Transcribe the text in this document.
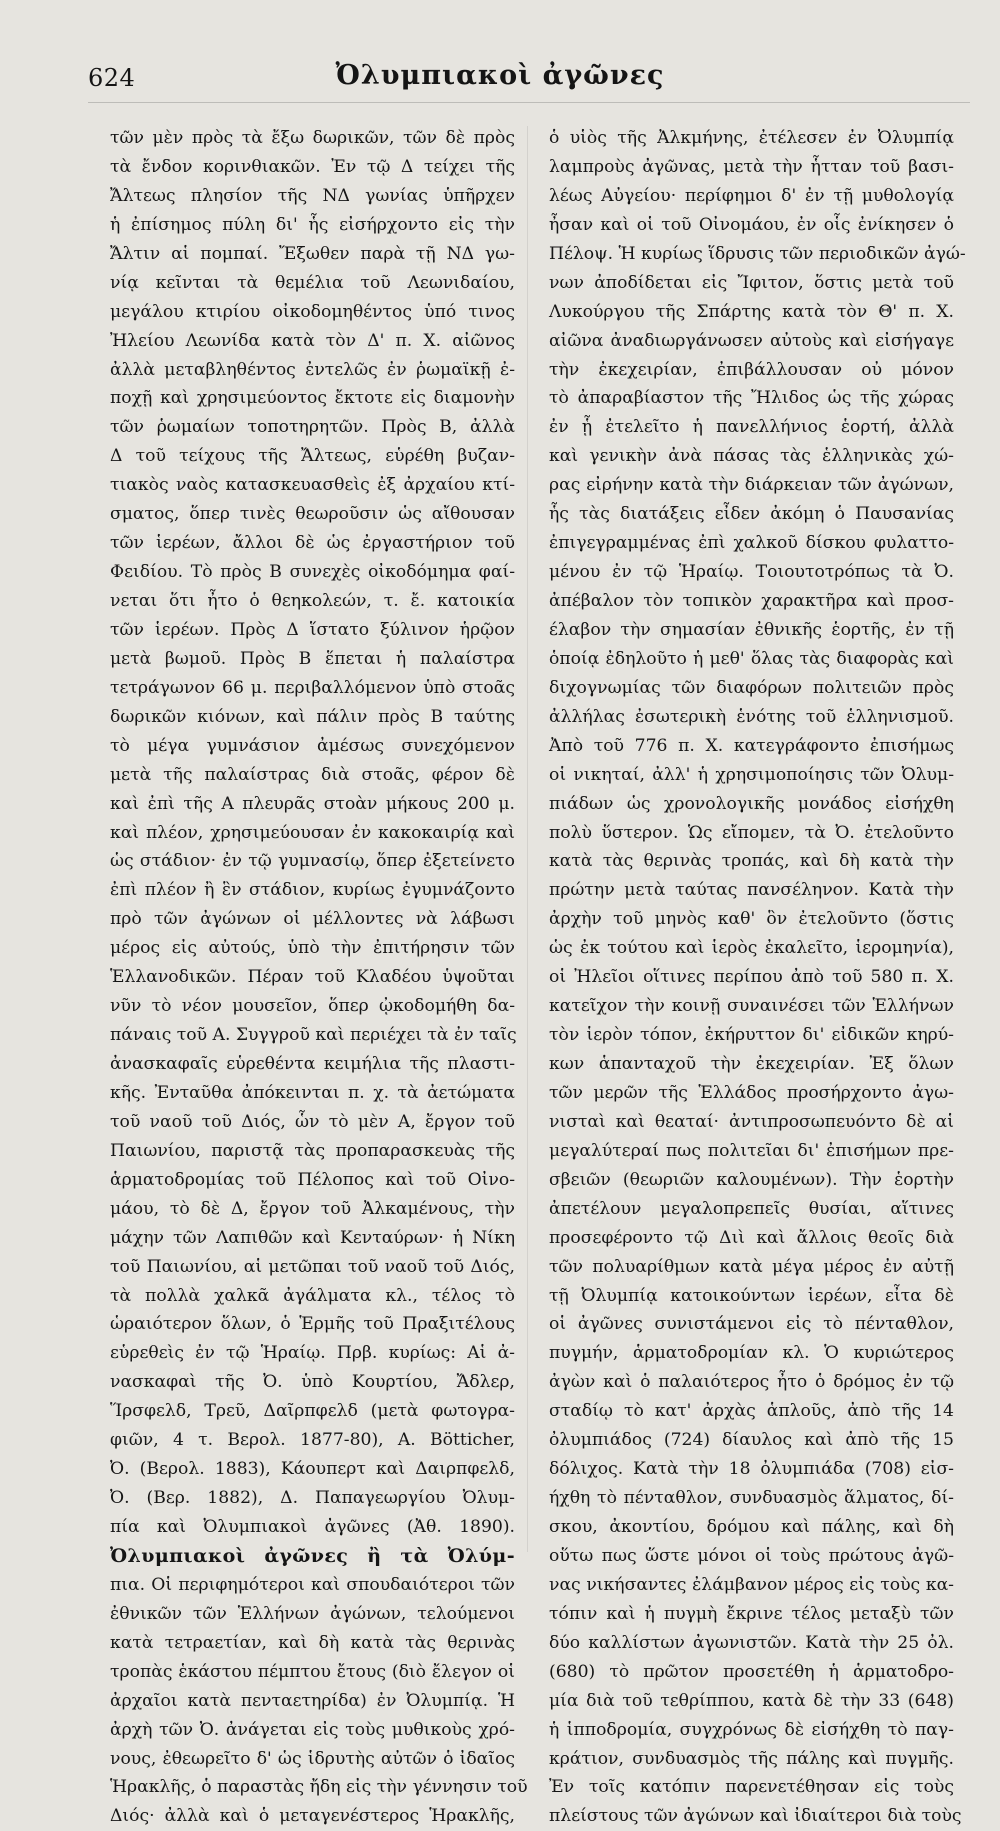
624	Ὀλυμπιακοὶ ἀγῶνες
τῶν μὲν πρὸς τὰ ἔξω δωρικῶν, τῶν δὲ πρὸς
τὰ ἔνδον κορινθιακῶν. Ἐν τῷ Δ τείχει τῆς
Ἄλτεως πλησίον τῆς ΝΔ γωνίας ὑπῆρχεν
ἡ ἐπίσημος πύλη δι' ἧς εἰσήρχοντο εἰς τὴν
Ἄλτιν αἱ πομπαί. Ἔξωθεν παρὰ τῇ ΝΔ γω-
νίᾳ κεῖνται τὰ θεμέλια τοῦ Λεωνιδαίου,
μεγάλου κτιρίου οἰκοδομηθέντος ὑπό τινος
Ἠλείου Λεωνίδα κατὰ τὸν Δ' π. Χ. αἰῶνος
ἀλλὰ μεταβληθέντος ἐντελῶς ἐν ῥωμαϊκῇ ἐ-
ποχῇ καὶ χρησιμεύοντος ἔκτοτε εἰς διαμονὴν
τῶν ῥωμαίων τοποτηρητῶν. Πρὸς Β, ἀλλὰ
Δ τοῦ τείχους τῆς Ἄλτεως, εὑρέθη βυζαν-
τιακὸς ναὸς κατασκευασθεὶς ἐξ ἀρχαίου κτί-
σματος, ὅπερ τινὲς θεωροῦσιν ὡς αἴθουσαν
τῶν ἱερέων, ἄλλοι δὲ ὡς ἐργαστήριον τοῦ
Φειδίου. Τὸ πρὸς Β συνεχὲς οἰκοδόμημα φαί-
νεται ὅτι ἦτο ὁ θεηκολεών, τ. ἔ. κατοικία
τῶν ἱερέων. Πρὸς Δ ἵστατο ξύλινον ἡρῷον
μετὰ βωμοῦ. Πρὸς Β ἕπεται ἡ παλαίστρα
τετράγωνον 66 μ. περιβαλλόμενον ὑπὸ στοᾶς
δωρικῶν κιόνων, καὶ πάλιν πρὸς Β ταύτης
τὸ μέγα γυμνάσιον ἀμέσως συνεχόμενον
μετὰ τῆς παλαίστρας διὰ στοᾶς, φέρον δὲ
καὶ ἐπὶ τῆς Α πλευρᾶς στοὰν μήκους 200 μ.
καὶ πλέον, χρησιμεύουσαν ἐν κακοκαιρίᾳ καὶ
ὡς στάδιον· ἐν τῷ γυμνασίῳ, ὅπερ ἐξετείνετο
ἐπὶ πλέον ἢ ἓν στάδιον, κυρίως ἐγυμνάζοντο
πρὸ τῶν ἀγώνων οἱ μέλλοντες νὰ λάβωσι
μέρος εἰς αὐτούς, ὑπὸ τὴν ἐπιτήρησιν τῶν
Ἑλλανοδικῶν. Πέραν τοῦ Κλαδέου ὑψοῦται
νῦν τὸ νέον μουσεῖον, ὅπερ ᾠκοδομήθη δα-
πάναις τοῦ Α. Συγγροῦ καὶ περιέχει τὰ ἐν ταῖς
ἀνασκαφαῖς εὑρεθέντα κειμήλια τῆς πλαστι-
κῆς. Ἐνταῦθα ἀπόκεινται π. χ. τὰ ἀετώματα
τοῦ ναοῦ τοῦ Διός, ὧν τὸ μὲν Α, ἔργον τοῦ
Παιωνίου, παριστᾷ τὰς προπαρασκευὰς τῆς
ἁρματοδρομίας τοῦ Πέλοπος καὶ τοῦ Οἰνο-
μάου, τὸ δὲ Δ, ἔργον τοῦ Ἀλκαμένους, τὴν
μάχην τῶν Λαπιθῶν καὶ Κενταύρων· ἡ Νίκη
τοῦ Παιωνίου, αἱ μετῶπαι τοῦ ναοῦ τοῦ Διός,
τὰ πολλὰ χαλκᾶ ἀγάλματα κλ., τέλος τὸ
ὡραιότερον ὅλων, ὁ Ἑρμῆς τοῦ Πραξιτέλους
εὑρεθεὶς ἐν τῷ Ἡραίῳ. Πρβ. κυρίως: Αἱ ἀ-
νασκαφαὶ τῆς Ὀ. ὑπὸ Κουρτίου, Ἄδλερ,
Ἵρσφελδ, Τρεῦ, Δαῖρπφελδ (μετὰ φωτογρα-
φιῶν, 4 τ. Βερολ. 1877-80), A. Bötticher,
Ὀ. (Βερολ. 1883), Κάουπερτ καὶ Δαιρπφελδ,
Ὀ. (Βερ. 1882), Δ. Παπαγεωργίου Ὀλυμ-
πία καὶ Ὀλυμπιακοὶ ἀγῶνες (Ἀθ. 1890).
Ὀλυμπιακοὶ ἀγῶνες ἢ τὰ Ὀλύμ-
πια. Οἱ περιφημότεροι καὶ σπουδαιότεροι τῶν
ἐθνικῶν τῶν Ἑλλήνων ἀγώνων, τελούμενοι
κατὰ τετραετίαν, καὶ δὴ κατὰ τὰς θερινὰς
τροπὰς ἑκάστου πέμπτου ἔτους (διὸ ἔλεγον οἱ
ἀρχαῖοι κατὰ πενταετηρίδα) ἐν Ὀλυμπίᾳ. Ἡ
ἀρχὴ τῶν Ὀ. ἀνάγεται εἰς τοὺς μυθικοὺς χρό-
νους, ἐθεωρεῖτο δ' ὡς ἱδρυτὴς αὐτῶν ὁ ἰδαῖος
Ἡρακλῆς, ὁ παραστὰς ἤδη εἰς τὴν γέννησιν τοῦ
Διός· ἀλλὰ καὶ ὁ μεταγενέστερος Ἡρακλῆς,
ὁ υἱὸς τῆς Ἀλκμήνης, ἐτέλεσεν ἐν Ὀλυμπίᾳ
λαμπροὺς ἀγῶνας, μετὰ τὴν ἧτταν τοῦ βασι-
λέως Αὐγείου· περίφημοι δ' ἐν τῇ μυθολογίᾳ
ἦσαν καὶ οἱ τοῦ Οἰνομάου, ἐν οἷς ἐνίκησεν ὁ
Πέλοψ. Ἡ κυρίως ἵδρυσις τῶν περιοδικῶν ἀγώ-
νων ἀποδίδεται εἰς Ἴφιτον, ὅστις μετὰ τοῦ
Λυκούργου τῆς Σπάρτης κατὰ τὸν Θ' π. Χ.
αἰῶνα ἀναδιωργάνωσεν αὐτοὺς καὶ εἰσήγαγε
τὴν ἐκεχειρίαν, ἐπιβάλλουσαν οὐ μόνον
τὸ ἀπαραβίαστον τῆς Ἤλιδος ὡς τῆς χώρας
ἐν ᾗ ἐτελεῖτο ἡ πανελλήνιος ἑορτή, ἀλλὰ
καὶ γενικὴν ἀνὰ πάσας τὰς ἑλληνικὰς χώ-
ρας εἰρήνην κατὰ τὴν διάρκειαν τῶν ἀγώνων,
ἧς τὰς διατάξεις εἶδεν ἀκόμη ὁ Παυσανίας
ἐπιγεγραμμένας ἐπὶ χαλκοῦ δίσκου φυλαττο-
μένου ἐν τῷ Ἡραίῳ. Τοιουτοτρόπως τὰ Ὀ.
ἀπέβαλον τὸν τοπικὸν χαρακτῆρα καὶ προσ-
έλαβον τὴν σημασίαν ἐθνικῆς ἑορτῆς, ἐν τῇ
ὁποίᾳ ἐδηλοῦτο ἡ μεθ' ὅλας τὰς διαφορὰς καὶ
διχογνωμίας τῶν διαφόρων πολιτειῶν πρὸς
ἀλλήλας ἐσωτερικὴ ἑνότης τοῦ ἑλληνισμοῦ.
Ἀπὸ τοῦ 776 π. Χ. κατεγράφοντο ἐπισήμως
οἱ νικηταί, ἀλλ' ἡ χρησιμοποίησις τῶν Ὀλυμ-
πιάδων ὡς χρονολογικῆς μονάδος εἰσήχθη
πολὺ ὕστερον. Ὡς εἴπομεν, τὰ Ὀ. ἐτελοῦντο
κατὰ τὰς θερινὰς τροπάς, καὶ δὴ κατὰ τὴν
πρώτην μετὰ ταύτας πανσέληνον. Κατὰ τὴν
ἀρχὴν τοῦ μηνὸς καθ' ὃν ἐτελοῦντο (ὅστις
ὡς ἐκ τούτου καὶ ἱερὸς ἐκαλεῖτο, ἱερομηνία),
οἱ Ἠλεῖοι οἵτινες περίπου ἀπὸ τοῦ 580 π. Χ.
κατεῖχον τὴν κοινῇ συναινέσει τῶν Ἑλλήνων
τὸν ἱερὸν τόπον, ἐκήρυττον δι' εἰδικῶν κηρύ-
κων ἁπανταχοῦ τὴν ἐκεχειρίαν. Ἐξ ὅλων
τῶν μερῶν τῆς Ἑλλάδος προσήρχοντο ἀγω-
νισταὶ καὶ θεαταί· ἀντιπροσωπευόντο δὲ αἱ
μεγαλύτεραί πως πολιτεῖαι δι' ἐπισήμων πρε-
σβειῶν (θεωριῶν καλουμένων). Τὴν ἑορτὴν
ἀπετέλουν μεγαλοπρεπεῖς θυσίαι, αἵτινες
προσεφέροντο τῷ Διὶ καὶ ἄλλοις θεοῖς διὰ
τῶν πολυαρίθμων κατὰ μέγα μέρος ἐν αὐτῇ
τῇ Ὀλυμπίᾳ κατοικούντων ἱερέων, εἶτα δὲ
οἱ ἀγῶνες συνιστάμενοι εἰς τὸ πένταθλον,
πυγμήν, ἁρματοδρομίαν κλ. Ὁ κυριώτερος
ἀγὼν καὶ ὁ παλαιότερος ἦτο ὁ δρόμος ἐν τῷ
σταδίῳ τὸ κατ' ἀρχὰς ἁπλοῦς, ἀπὸ τῆς 14
ὀλυμπιάδος (724) δίαυλος καὶ ἀπὸ τῆς 15
δόλιχος. Κατὰ τὴν 18 ὀλυμπιάδα (708) εἰσ-
ήχθη τὸ πένταθλον, συνδυασμὸς ἅλματος, δί-
σκου, ἀκοντίου, δρόμου καὶ πάλης, καὶ δὴ
οὕτω πως ὥστε μόνοι οἱ τοὺς πρώτους ἀγῶ-
νας νικήσαντες ἐλάμβανον μέρος εἰς τοὺς κα-
τόπιν καὶ ἡ πυγμὴ ἔκρινε τέλος μεταξὺ τῶν
δύο καλλίστων ἀγωνιστῶν. Κατὰ τὴν 25 ὀλ.
(680) τὸ πρῶτον προσετέθη ἡ ἁρματοδρο-
μία διὰ τοῦ τεθρίππου, κατὰ δὲ τὴν 33 (648)
ἡ ἱπποδρομία, συγχρόνως δὲ εἰσήχθη τὸ παγ-
κράτιον, συνδυασμὸς τῆς πάλης καὶ πυγμῆς.
Ἐν τοῖς κατόπιν παρενετέθησαν εἰς τοὺς
πλείστους τῶν ἀγώνων καὶ ἰδιαίτεροι διὰ τοὺς
